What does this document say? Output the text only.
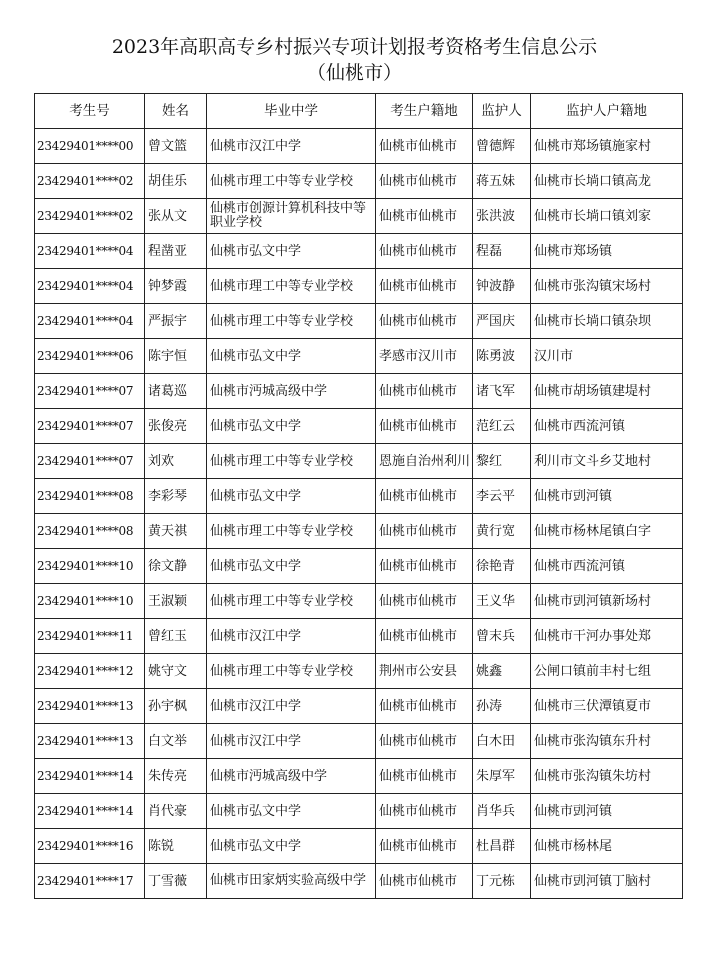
2023年高职高专乡村振兴专项计划报考资格考生信息公示
（仙桃市）
考生号	姓名	毕业中学	考生户籍地	监护人	监护人户籍地
23429401****00	曾文篮	仙桃市汉江中学	仙桃市仙桃市	曾德辉	仙桃市郑场镇施家村
23429401****02	胡佳乐	仙桃市理工中等专业学校	仙桃市仙桃市	蒋五妹	仙桃市长埫口镇高龙
23429401****02	张从文	仙桃市创源计算机科技中等职业学校	仙桃市仙桃市	张洪波	仙桃市长埫口镇刘家
23429401****04	程凿亚	仙桃市弘文中学	仙桃市仙桃市	程磊	仙桃市郑场镇
23429401****04	钟梦霞	仙桃市理工中等专业学校	仙桃市仙桃市	钟波静	仙桃市张沟镇宋场村
23429401****04	严振宇	仙桃市理工中等专业学校	仙桃市仙桃市	严国庆	仙桃市长埫口镇杂坝
23429401****06	陈宇恒	仙桃市弘文中学	孝感市汉川市	陈勇波	汉川市
23429401****07	诸葛巡	仙桃市沔城高级中学	仙桃市仙桃市	诸飞军	仙桃市胡场镇建堤村
23429401****07	张俊亮	仙桃市弘文中学	仙桃市仙桃市	范红云	仙桃市西流河镇
23429401****07	刘欢	仙桃市理工中等专业学校	恩施自治州利川	黎红	利川市文斗乡艾地村
23429401****08	李彩琴	仙桃市弘文中学	仙桃市仙桃市	李云平	仙桃市剅河镇
23429401****08	黄天祺	仙桃市理工中等专业学校	仙桃市仙桃市	黄行宽	仙桃市杨林尾镇白字
23429401****10	徐文静	仙桃市弘文中学	仙桃市仙桃市	徐艳青	仙桃市西流河镇
23429401****10	王淑颖	仙桃市理工中等专业学校	仙桃市仙桃市	王义华	仙桃市剅河镇新场村
23429401****11	曾红玉	仙桃市汉江中学	仙桃市仙桃市	曾末兵	仙桃市干河办事处郑
23429401****12	姚守文	仙桃市理工中等专业学校	荆州市公安县	姚鑫	公闸口镇前丰村七组
23429401****13	孙宇枫	仙桃市汉江中学	仙桃市仙桃市	孙涛	仙桃市三伏潭镇夏市
23429401****13	白文举	仙桃市汉江中学	仙桃市仙桃市	白木田	仙桃市张沟镇东升村
23429401****14	朱传亮	仙桃市沔城高级中学	仙桃市仙桃市	朱厚军	仙桃市张沟镇朱坊村
23429401****14	肖代豪	仙桃市弘文中学	仙桃市仙桃市	肖华兵	仙桃市剅河镇
23429401****16	陈锐	仙桃市弘文中学	仙桃市仙桃市	杜昌群	仙桃市杨林尾
23429401****17	丁雪薇	仙桃市田家炳实验高级中学	仙桃市仙桃市	丁元栋	仙桃市剅河镇丁脑村
